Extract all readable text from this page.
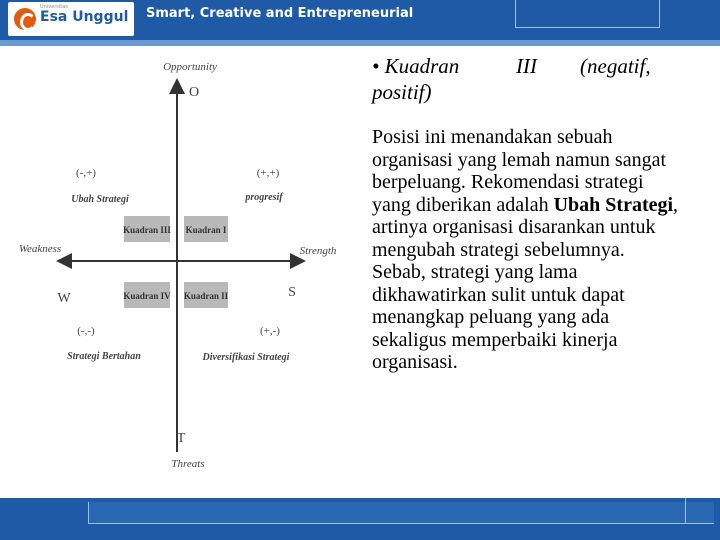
Universitas
Esa Unggul Smart, Creative and Entrepreneurial
Opportunity
O
T
Threats
Weakness
W
Strength
S
(-,+)
Ubah Strategi
(+,+)
progresif
(-,-)
Strategi Bertahan
(+,-)
Diversifikasi Strategi
Kuadran III Kuadran I
Kuadran IV Kuadran II
• Kuadran	III (negatif,
positif)
Posisi ini menandakan sebuah organisasi yang lemah namun sangat berpeluang. Rekomendasi strategi yang diberikan adalah Ubah Strategi, artinya organisasi disarankan untuk mengubah strategi sebelumnya. Sebab, strategi yang lama dikhawatirkan sulit untuk dapat menangkap peluang yang ada sekaligus memperbaiki kinerja organisasi.
